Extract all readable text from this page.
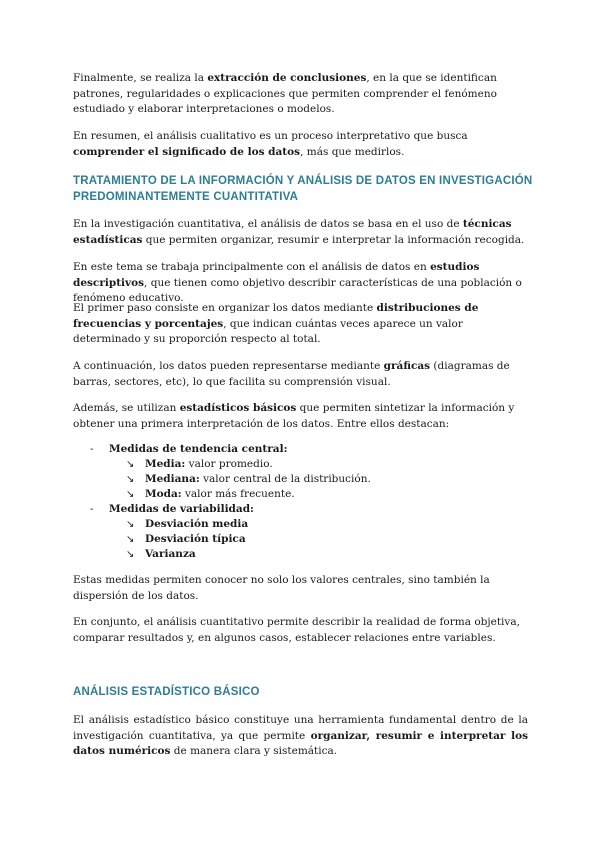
Finalmente, se realiza la extracción de conclusiones, en la que se identifican patrones, regularidades o explicaciones que permiten comprender el fenómeno estudiado y elaborar interpretaciones o modelos.

En resumen, el análisis cualitativo es un proceso interpretativo que busca comprender el significado de los datos, más que medirlos.

TRATAMIENTO DE LA INFORMACIÓN Y ANÁLISIS DE DATOS EN INVESTIGACIÓN PREDOMINANTEMENTE CUANTITATIVA

En la investigación cuantitativa, el análisis de datos se basa en el uso de técnicas estadísticas que permiten organizar, resumir e interpretar la información recogida.

En este tema se trabaja principalmente con el análisis de datos en estudios descriptivos, que tienen como objetivo describir características de una población o fenómeno educativo.

El primer paso consiste en organizar los datos mediante distribuciones de frecuencias y porcentajes, que indican cuántas veces aparece un valor determinado y su proporción respecto al total.

A continuación, los datos pueden representarse mediante gráficas (diagramas de barras, sectores, etc), lo que facilita su comprensión visual.

Además, se utilizan estadísticos básicos que permiten sintetizar la información y obtener una primera interpretación de los datos. Entre ellos destacan:

- Medidas de tendencia central:
↘ Media: valor promedio.
↘ Mediana: valor central de la distribución.
↘ Moda: valor más frecuente.
- Medidas de variabilidad:
↘ Desviación media
↘ Desviación típica
↘ Varianza

Estas medidas permiten conocer no solo los valores centrales, sino también la dispersión de los datos.

En conjunto, el análisis cuantitativo permite describir la realidad de forma objetiva, comparar resultados y, en algunos casos, establecer relaciones entre variables.

ANÁLISIS ESTADÍSTICO BÁSICO

El análisis estadístico básico constituye una herramienta fundamental dentro de la investigación cuantitativa, ya que permite organizar, resumir e interpretar los datos numéricos de manera clara y sistemática.
